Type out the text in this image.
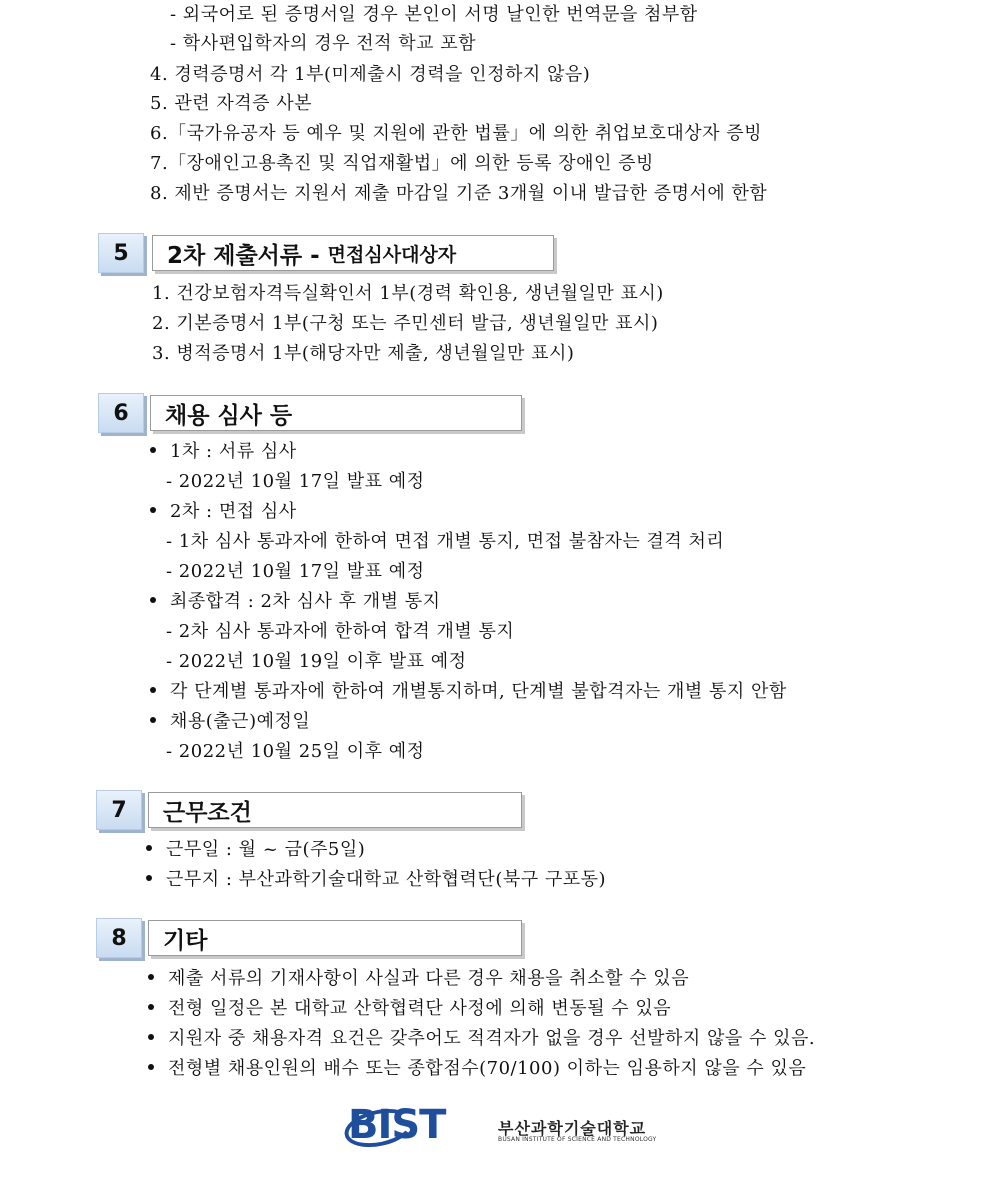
- 외국어로 된 증명서일 경우 본인이 서명 날인한 번역문을 첨부함
- 학사편입학자의 경우 전적 학교 포함
4. 경력증명서 각 1부(미제출시 경력을 인정하지 않음)
5. 관련 자격증 사본
6.「국가유공자 등 예우 및 지원에 관한 법률」에 의한 취업보호대상자 증빙
7.「장애인고용촉진 및 직업재활법」에 의한 등록 장애인 증빙
8. 제반 증명서는 지원서 제출 마감일 기준 3개월 이내 발급한 증명서에 한함
5	2차 제출서류 - 면접심사대상자
1. 건강보험자격득실확인서 1부(경력 확인용, 생년월일만 표시)
2. 기본증명서 1부(구청 또는 주민센터 발급, 생년월일만 표시)
3. 병적증명서 1부(해당자만 제출, 생년월일만 표시)
6	채용 심사 등
1차 : 서류 심사
- 2022년 10월 17일 발표 예정
2차 : 면접 심사
- 1차 심사 통과자에 한하여 면접 개별 통지, 면접 불참자는 결격 처리
- 2022년 10월 17일 발표 예정
최종합격 : 2차 심사 후 개별 통지
- 2차 심사 통과자에 한하여 합격 개별 통지
- 2022년 10월 19일 이후 발표 예정
각 단계별 통과자에 한하여 개별통지하며, 단계별 불합격자는 개별 통지 안함
채용(출근)예정일
- 2022년 10월 25일 이후 예정
7	근무조건
근무일 : 월 ~ 금(주5일)
근무지 : 부산과학기술대학교 산학협력단(북구 구포동)
8	기타
제출 서류의 기재사항이 사실과 다른 경우 채용을 취소할 수 있음
전형 일정은 본 대학교 산학협력단 사정에 의해 변동될 수 있음
지원자 중 채용자격 요건은 갖추어도 적격자가 없을 경우 선발하지 않을 수 있음.
전형별 채용인원의 배수 또는 종합점수(70/100) 이하는 임용하지 않을 수 있음
BIST	부산과학기술대학교
BUSAN INSTITUTE OF SCIENCE AND TECHNOLOGY
